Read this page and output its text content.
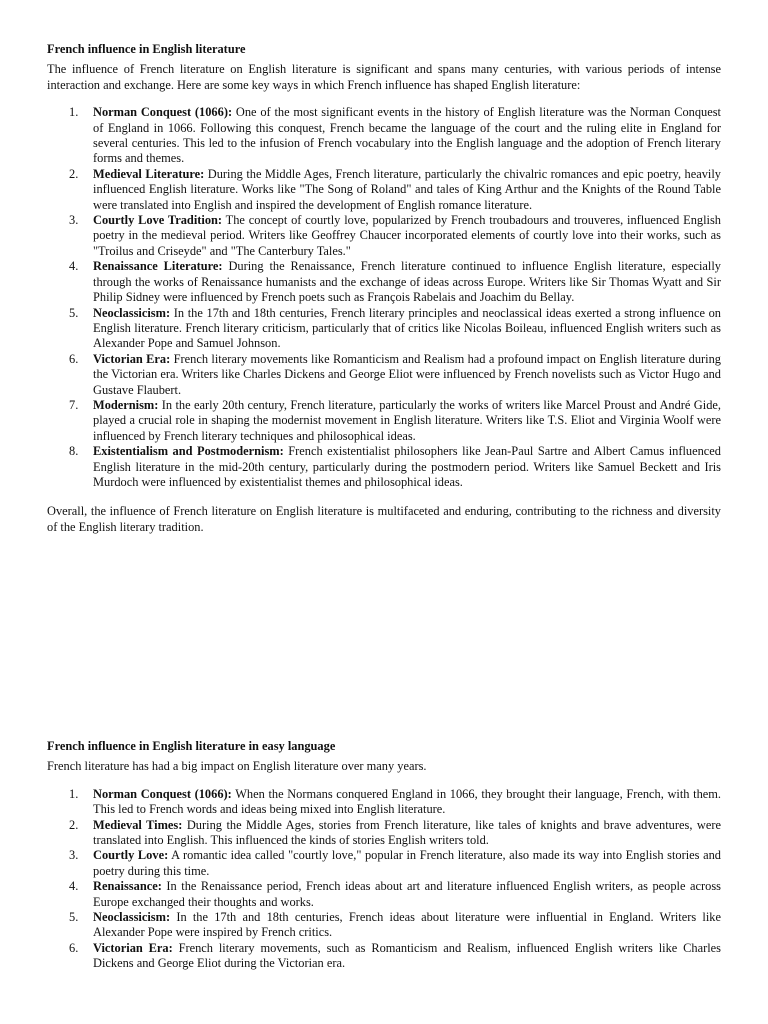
French influence in English literature

The influence of French literature on English literature is significant and spans many centuries, with various periods of intense interaction and exchange. Here are some key ways in which French influence has shaped English literature:

1. Norman Conquest (1066): One of the most significant events in the history of English literature was the Norman Conquest of England in 1066. Following this conquest, French became the language of the court and the ruling elite in England for several centuries. This led to the infusion of French vocabulary into the English language and the adoption of French literary forms and themes.
2. Medieval Literature: During the Middle Ages, French literature, particularly the chivalric romances and epic poetry, heavily influenced English literature. Works like "The Song of Roland" and tales of King Arthur and the Knights of the Round Table were translated into English and inspired the development of English romance literature.
3. Courtly Love Tradition: The concept of courtly love, popularized by French troubadours and trouveres, influenced English poetry in the medieval period. Writers like Geoffrey Chaucer incorporated elements of courtly love into their works, such as "Troilus and Criseyde" and "The Canterbury Tales."
4. Renaissance Literature: During the Renaissance, French literature continued to influence English literature, especially through the works of Renaissance humanists and the exchange of ideas across Europe. Writers like Sir Thomas Wyatt and Sir Philip Sidney were influenced by French poets such as François Rabelais and Joachim du Bellay.
5. Neoclassicism: In the 17th and 18th centuries, French literary principles and neoclassical ideas exerted a strong influence on English literature. French literary criticism, particularly that of critics like Nicolas Boileau, influenced English writers such as Alexander Pope and Samuel Johnson.
6. Victorian Era: French literary movements like Romanticism and Realism had a profound impact on English literature during the Victorian era. Writers like Charles Dickens and George Eliot were influenced by French novelists such as Victor Hugo and Gustave Flaubert.
7. Modernism: In the early 20th century, French literature, particularly the works of writers like Marcel Proust and André Gide, played a crucial role in shaping the modernist movement in English literature. Writers like T.S. Eliot and Virginia Woolf were influenced by French literary techniques and philosophical ideas.
8. Existentialism and Postmodernism: French existentialist philosophers like Jean-Paul Sartre and Albert Camus influenced English literature in the mid-20th century, particularly during the postmodern period. Writers like Samuel Beckett and Iris Murdoch were influenced by existentialist themes and philosophical ideas.

Overall, the influence of French literature on English literature is multifaceted and enduring, contributing to the richness and diversity of the English literary tradition.

French influence in English literature in easy language

French literature has had a big impact on English literature over many years.

1. Norman Conquest (1066): When the Normans conquered England in 1066, they brought their language, French, with them. This led to French words and ideas being mixed into English literature.
2. Medieval Times: During the Middle Ages, stories from French literature, like tales of knights and brave adventures, were translated into English. This influenced the kinds of stories English writers told.
3. Courtly Love: A romantic idea called "courtly love," popular in French literature, also made its way into English stories and poetry during this time.
4. Renaissance: In the Renaissance period, French ideas about art and literature influenced English writers, as people across Europe exchanged their thoughts and works.
5. Neoclassicism: In the 17th and 18th centuries, French ideas about literature were influential in England. Writers like Alexander Pope were inspired by French critics.
6. Victorian Era: French literary movements, such as Romanticism and Realism, influenced English writers like Charles Dickens and George Eliot during the Victorian era.
